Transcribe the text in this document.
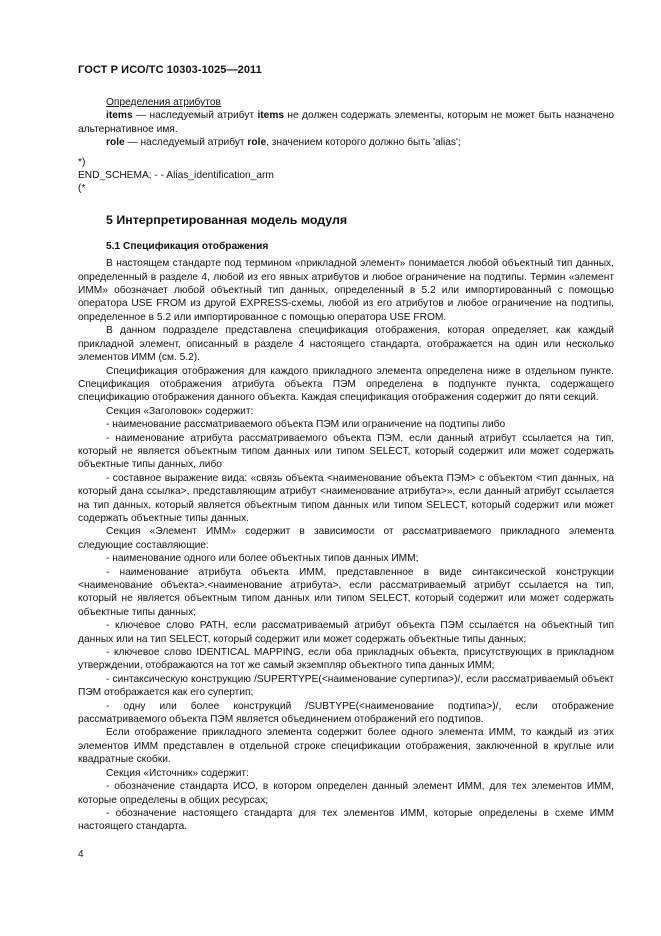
ГОСТ Р ИСО/ТС 10303-1025—2011

Определения атрибутов

items — наследуемый атрибут items не должен содержать элементы, которым не может быть назначено альтернативное имя.

role — наследуемый атрибут role, значением которого должно быть 'alias';

*)

END_SCHEMA; - - Alias_identification_arm

(*

5 Интерпретированная модель модуля

5.1 Спецификация отображения

В настоящем стандарте под термином «прикладной элемент» понимается любой объектный тип данных, определенный в разделе 4, любой из его явных атрибутов и любое ограничение на подтипы. Термин «элемент ИММ» обозначает любой объектный тип данных, определенный в 5.2 или импортированный с помощью оператора USE FROM из другой EXPRESS-схемы, любой из его атрибутов и любое ограничение на подтипы, определенное в 5.2 или импортированное с помощью оператора USE FROM.

В данном подразделе представлена спецификация отображения, которая определяет, как каждый прикладной элемент, описанный в разделе 4 настоящего стандарта, отображается на один или несколько элементов ИММ (см. 5.2).

Спецификация отображения для каждого прикладного элемента определена ниже в отдельном пункте. Спецификация отображения атрибута объекта ПЭМ определена в подпункте пункта, содержащего спецификацию отображения данного объекта. Каждая спецификация отображения содержит до пяти секций.

Секция «Заголовок» содержит:

- наименование рассматриваемого объекта ПЭМ или ограничение на подтипы либо

- наименование атрибута рассматриваемого объекта ПЭМ, если данный атрибут ссылается на тип, который не является объектным типом данных или типом SELECT, который содержит или может содержать объектные типы данных, либо

- составное выражение вида: «связь объекта <наименование объекта ПЭМ> с объектом <тип данных, на который дана ссылка>, представляющим атрибут <наименование атрибута>», если данный атрибут ссылается на тип данных, который является объектным типом данных или типом SELECT, который содержит или может содержать объектные типы данных.

Секция «Элемент ИММ» содержит в зависимости от рассматриваемого прикладного элемента следующие составляющие:

- наименование одного или более объектных типов данных ИММ;

- наименование атрибута объекта ИММ, представленное в виде синтаксической конструкции <наименование объекта>.<наименование атрибута>, если рассматриваемый атрибут ссылается на тип, который не является объектным типом данных или типом SELECT, который содержит или может содержать объектные типы данных;

- ключевое слово PATH, если рассматриваемый атрибут объекта ПЭМ ссылается на объектный тип данных или на тип SELECT, который содержит или может содержать объектные типы данных;

- ключевое слово IDENTICAL MAPPING, если оба прикладных объекта, присутствующих в прикладном утверждении, отображаются на тот же самый экземпляр объектного типа данных ИММ;

- синтаксическую конструкцию /SUPERTYPE(<наименование супертипа>)/, если рассматриваемый объект ПЭМ отображается как его супертип;

- одну или более конструкций /SUBTYPE(<наименование подтипа>)/, если отображение рассматриваемого объекта ПЭМ является объединением отображений его подтипов.

Если отображение прикладного элемента содержит более одного элемента ИММ, то каждый из этих элементов ИММ представлен в отдельной строке спецификации отображения, заключенной в круглые или квадратные скобки.

Секция «Источник» содержит:

- обозначение стандарта ИСО, в котором определен данный элемент ИММ, для тех элементов ИММ, которые определены в общих ресурсах;

- обозначение настоящего стандарта для тех элементов ИММ, которые определены в схеме ИММ настоящего стандарта.

4
